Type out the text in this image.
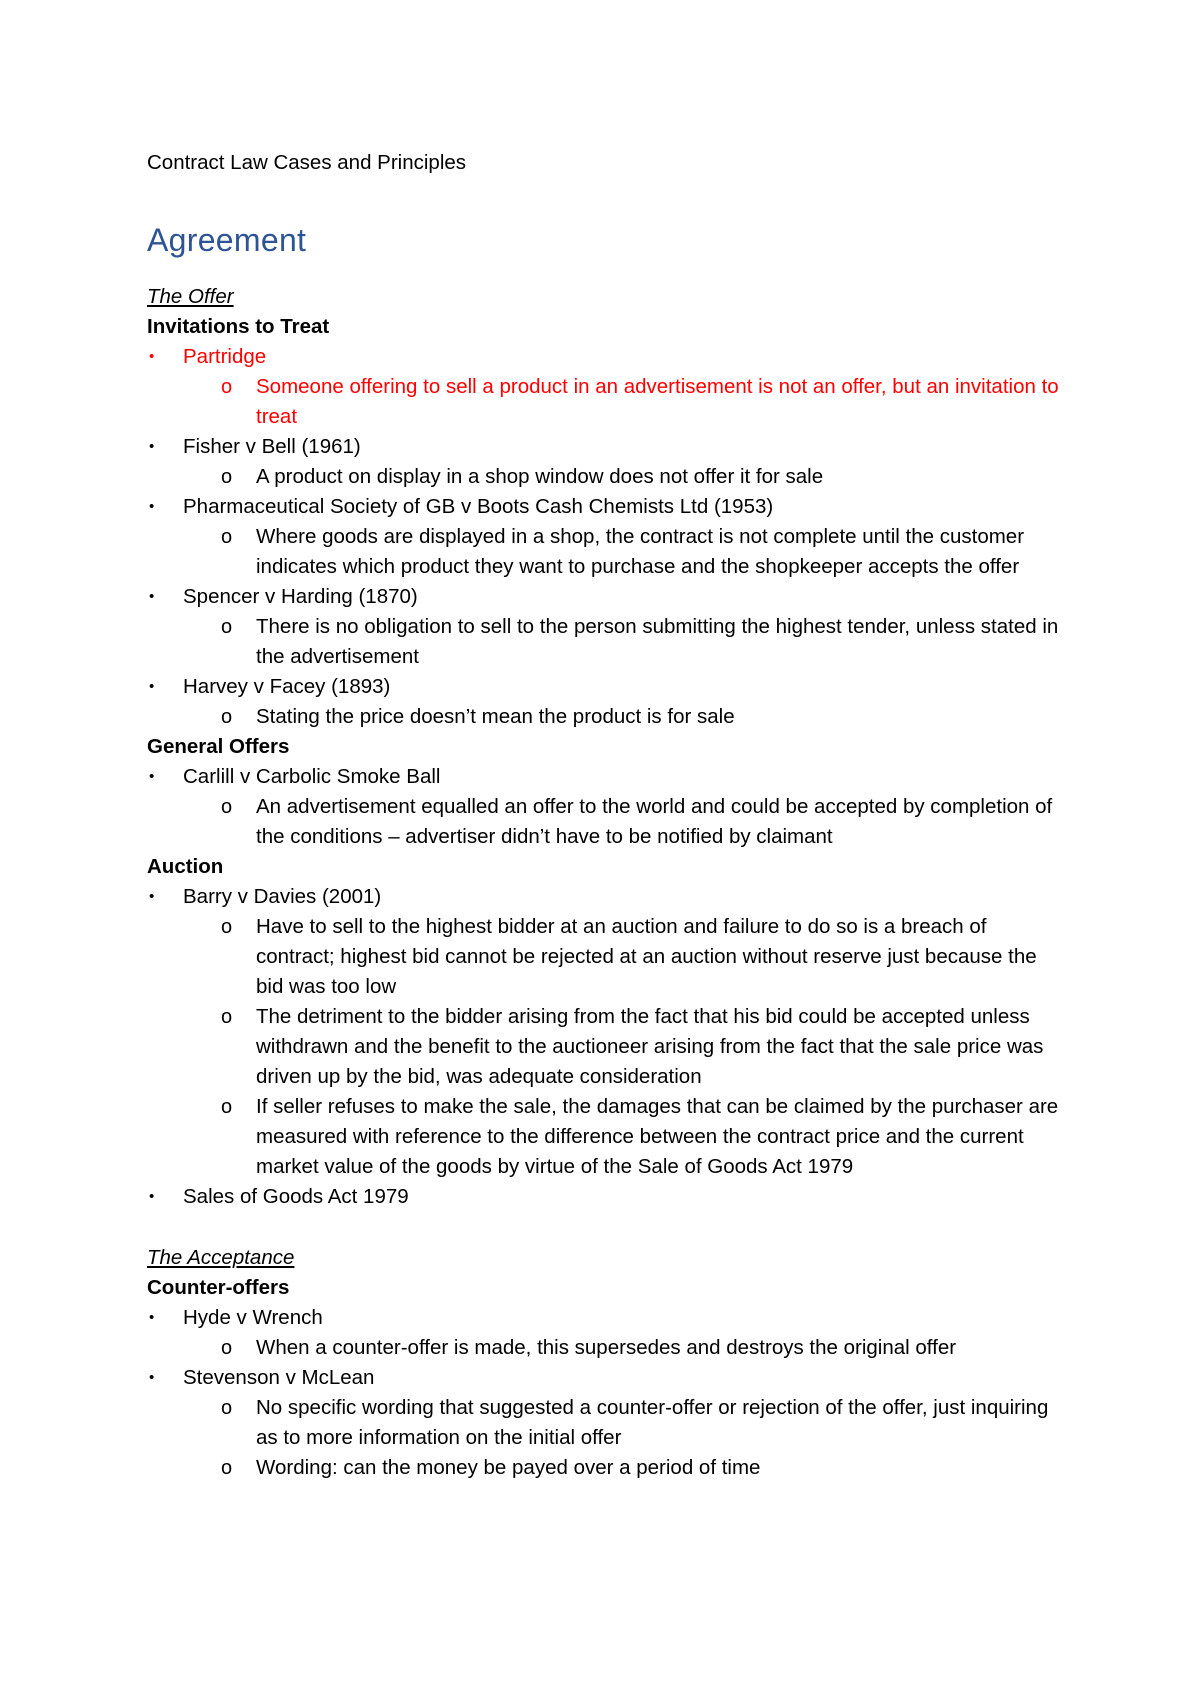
Contract Law Cases and Principles
Agreement
The Offer
Invitations to Treat
•	Partridge
o	Someone offering to sell a product in an advertisement is not an offer, but an invitation to treat
•	Fisher v Bell (1961)
o	A product on display in a shop window does not offer it for sale
•	Pharmaceutical Society of GB v Boots Cash Chemists Ltd (1953)
o	Where goods are displayed in a shop, the contract is not complete until the customer indicates which product they want to purchase and the shopkeeper accepts the offer
•	Spencer v Harding (1870)
o	There is no obligation to sell to the person submitting the highest tender, unless stated in the advertisement
•	Harvey v Facey (1893)
o	Stating the price doesn’t mean the product is for sale
General Offers
•	Carlill v Carbolic Smoke Ball
o	An advertisement equalled an offer to the world and could be accepted by completion of the conditions – advertiser didn’t have to be notified by claimant
Auction
•	Barry v Davies (2001)
o	Have to sell to the highest bidder at an auction and failure to do so is a breach of contract; highest bid cannot be rejected at an auction without reserve just because the bid was too low
o	The detriment to the bidder arising from the fact that his bid could be accepted unless withdrawn and the benefit to the auctioneer arising from the fact that the sale price was driven up by the bid, was adequate consideration
o	If seller refuses to make the sale, the damages that can be claimed by the purchaser are measured with reference to the difference between the contract price and the current market value of the goods by virtue of the Sale of Goods Act 1979
•	Sales of Goods Act 1979
The Acceptance
Counter-offers
•	Hyde v Wrench
o	When a counter-offer is made, this supersedes and destroys the original offer
•	Stevenson v McLean
o	No specific wording that suggested a counter-offer or rejection of the offer, just inquiring as to more information on the initial offer
o	Wording: can the money be payed over a period of time
